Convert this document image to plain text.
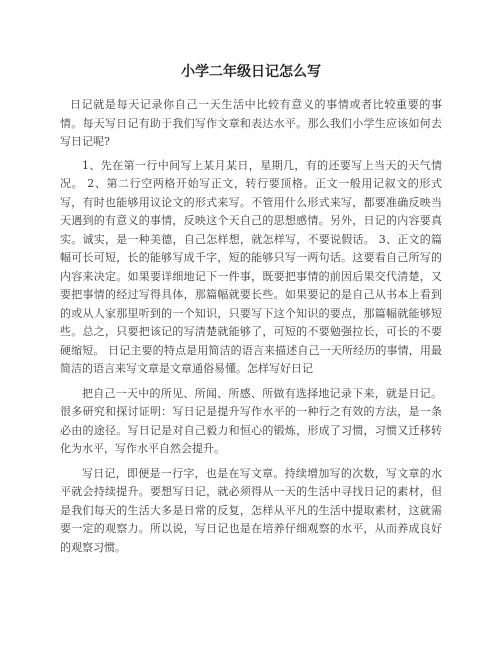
小学二年级日记怎么写

日记就是每天记录你自己一天生活中比较有意义的事情或者比较重要的事情。每天写日记有助于我们写作文章和表达水平。那么我们小学生应该如何去写日记呢?

1、先在第一行中间写上某月某日，星期几，有的还要写上当天的天气情况。 2、第二行空两格开始写正文，转行要顶格。正文一般用记叙文的形式写，有时也能够用议论文的形式来写。不管用什么形式来写，都要准确反映当天遇到的有意义的事情，反映这个天自己的思想感情。另外，日记的内容要真实。诚实，是一种美德，自己怎样想，就怎样写，不要说假话。 3、正文的篇幅可长可短，长的能够写成千字，短的能够只写一两句话。这要看自己所写的内容来决定。如果要详细地记下一件事，既要把事情的前因后果交代清楚，又要把事情的经过写得具体，那篇幅就要长些。如果要记的是自己从书本上看到的或从人家那里听到的一个知识，只要写下这个知识的要点，那篇幅就能够短些。总之，只要把该记的写清楚就能够了，可短的不要勉强拉长，可长的不要硬缩短。 日记主要的特点是用简洁的语言来描述自己一天所经历的事情，用最简洁的语言来写文章是文章通俗易懂。怎样写好日记

把自己一天中的所见、所闻、所感、所做有选择地记录下来，就是日记。很多研究和探讨证明：写日记是提升写作水平的一种行之有效的方法，是一条必由的途径。写日记是对自己毅力和恒心的锻炼，形成了习惯，习惯又迁移转化为水平，写作水平自然会提升。

写日记，即便是一行字，也是在写文章。持续增加写的次数，写文章的水平就会持续提升。要想写日记，就必须得从一天的生活中寻找日记的素材，但是我们每天的生活大多是日常的反复，怎样从平凡的生活中提取素材，这就需要一定的观察力。所以说，写日记也是在培养仔细观察的水平，从而养成良好的观察习惯。
